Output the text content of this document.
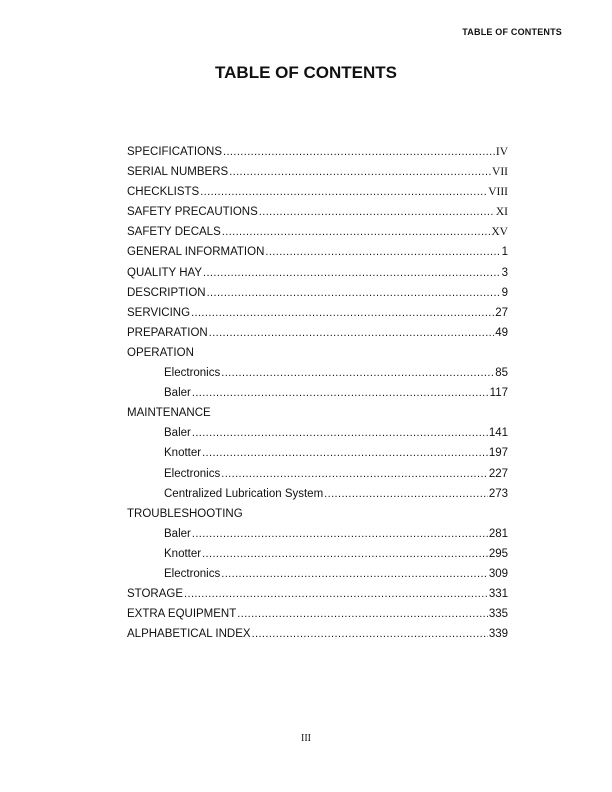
TABLE OF CONTENTS
TABLE OF CONTENTS
SPECIFICATIONS .....	IV
SERIAL NUMBERS .....	VII
CHECKLISTS .....	VIII
SAFETY PRECAUTIONS .....	XI
SAFETY DECALS .....	XV
GENERAL INFORMATION .....	1
QUALITY HAY .....	3
DESCRIPTION .....	9
SERVICING .....	27
PREPARATION .....	49
OPERATION
Electronics .....	85
Baler .....	117
MAINTENANCE
Baler .....	141
Knotter .....	197
Electronics .....	227
Centralized Lubrication System .....	273
TROUBLESHOOTING
Baler .....	281
Knotter .....	295
Electronics .....	309
STORAGE .....	331
EXTRA EQUIPMENT .....	335
ALPHABETICAL INDEX .....	339
III
